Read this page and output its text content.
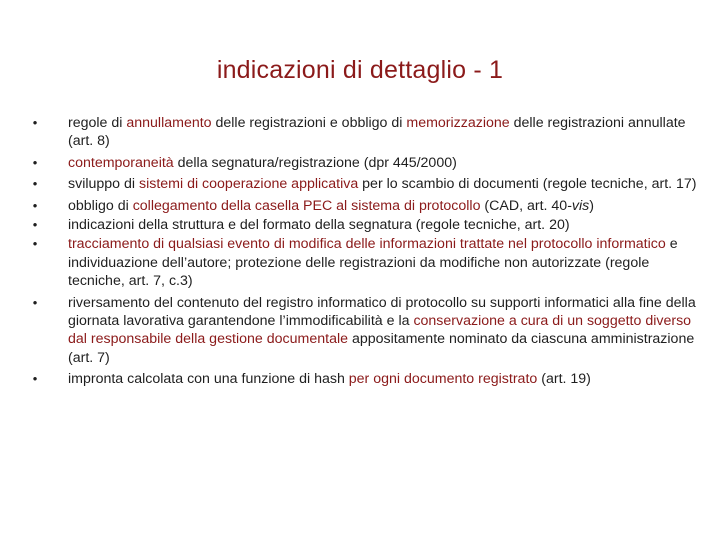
indicazioni di dettaglio - 1
• regole di annullamento delle registrazioni e obbligo di memorizzazione delle registrazioni annullate (art. 8)
• contemporaneità della segnatura/registrazione (dpr 445/2000)
• sviluppo di sistemi di cooperazione applicativa per lo scambio di documenti (regole tecniche, art. 17)
• obbligo di collegamento della casella PEC al sistema di protocollo (CAD, art. 40-vis)
• indicazioni della struttura e del formato della segnatura (regole tecniche, art. 20)
• tracciamento di qualsiasi evento di modifica delle informazioni trattate nel protocollo informatico e individuazione dell’autore; protezione delle registrazioni da modifiche non autorizzate (regole tecniche, art. 7, c.3)
• riversamento del contenuto del registro informatico di protocollo su supporti informatici alla fine della giornata lavorativa garantendone l’immodificabilità e la conservazione a cura di un soggetto diverso dal responsabile della gestione documentale appositamente nominato da ciascuna amministrazione (art. 7)
• impronta calcolata con una funzione di hash per ogni documento registrato (art. 19)
